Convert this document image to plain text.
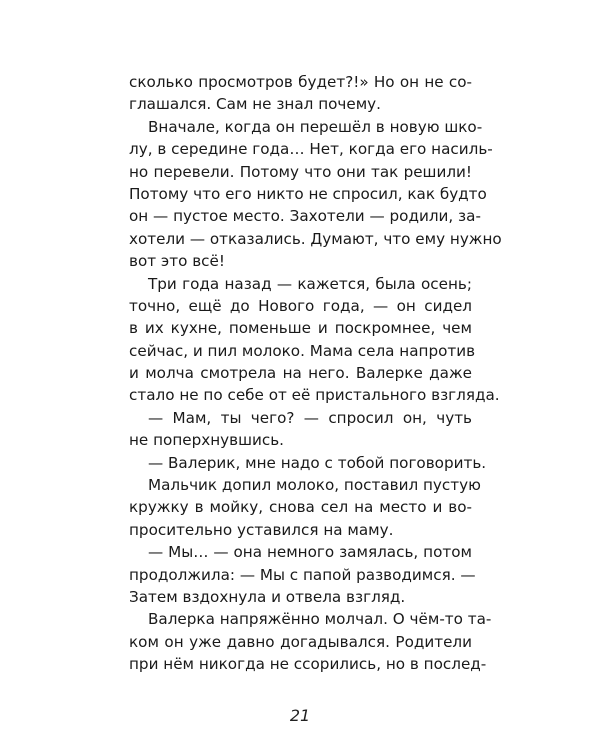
сколько просмотров будет?!» Но он не со-
глашался. Сам не знал почему.
Вначале, когда он перешёл в новую шко-
лу, в середине года… Нет, когда его насиль-
но перевели. Потому что они так решили!
Потому что его никто не спросил, как будто
он — пустое место. Захотели — родили, за-
хотели — отказались. Думают, что ему нужно
вот это всё!
Три года назад — кажется, была осень;
точно, ещё до Нового года, — он сидел
в их кухне, поменьше и поскромнее, чем
сейчас, и пил молоко. Мама села напротив
и молча смотрела на него. Валерке даже
стало не по себе от её пристального взгляда.
— Мам, ты чего? — спросил он, чуть
не поперхнувшись.
— Валерик, мне надо с тобой поговорить.
Мальчик допил молоко, поставил пустую
кружку в мойку, снова сел на место и во-
просительно уставился на маму.
— Мы… — она немного замялась, потом
продолжила: — Мы с папой разводимся. —
Затем вздохнула и отвела взгляд.
Валерка напряжённо молчал. О чём-то та-
ком он уже давно догадывался. Родители
при нём никогда не ссорились, но в послед-
21
